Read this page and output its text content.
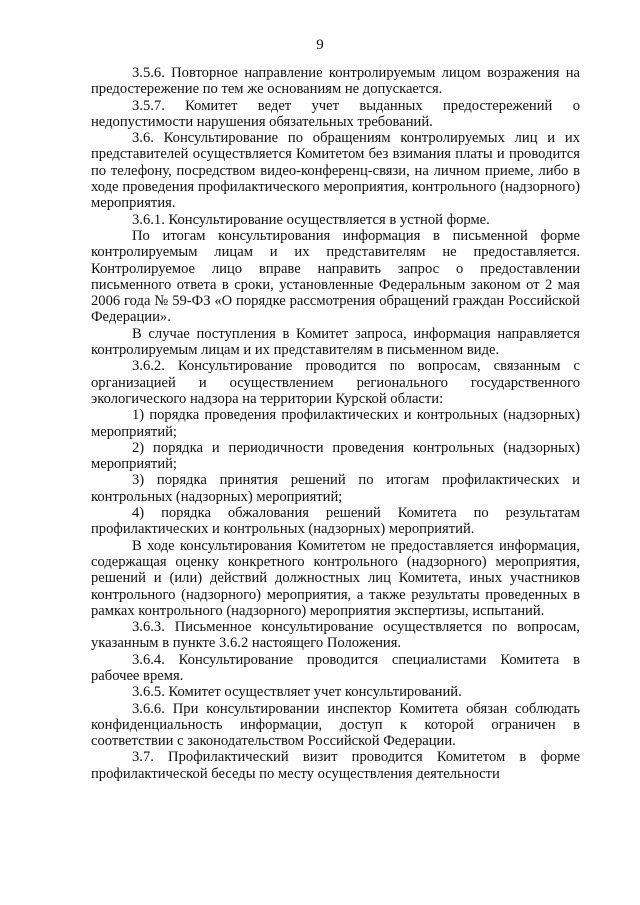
9

3.5.6. Повторное направление контролируемым лицом возражения на предостережение по тем же основаниям не допускается.

3.5.7. Комитет ведет учет выданных предостережений о недопустимости нарушения обязательных требований.

3.6. Консультирование по обращениям контролируемых лиц и их представителей осуществляется Комитетом без взимания платы и проводится по телефону, посредством видео-конференц-связи, на личном приеме, либо в ходе проведения профилактического мероприятия, контрольного (надзорного) мероприятия.

3.6.1. Консультирование осуществляется в устной форме.

По итогам консультирования информация в письменной форме контролируемым лицам и их представителям не предоставляется. Контролируемое лицо вправе направить запрос о предоставлении письменного ответа в сроки, установленные Федеральным законом от 2 мая 2006 года № 59-ФЗ «О порядке рассмотрения обращений граждан Российской Федерации».

В случае поступления в Комитет запроса, информация направляется контролируемым лицам и их представителям в письменном виде.

3.6.2. Консультирование проводится по вопросам, связанным с организацией и осуществлением регионального государственного экологического надзора на территории Курской области:

1) порядка проведения профилактических и контрольных (надзорных) мероприятий;

2) порядка и периодичности проведения контрольных (надзорных) мероприятий;

3) порядка принятия решений по итогам профилактических и контрольных (надзорных) мероприятий;

4) порядка обжалования решений Комитета по результатам профилактических и контрольных (надзорных) мероприятий.

В ходе консультирования Комитетом не предоставляется информация, содержащая оценку конкретного контрольного (надзорного) мероприятия, решений и (или) действий должностных лиц Комитета, иных участников контрольного (надзорного) мероприятия, а также результаты проведенных в рамках контрольного (надзорного) мероприятия экспертизы, испытаний.

3.6.3. Письменное консультирование осуществляется по вопросам, указанным в пункте 3.6.2 настоящего Положения.

3.6.4. Консультирование проводится специалистами Комитета в рабочее время.

3.6.5. Комитет осуществляет учет консультирований.

3.6.6. При консультировании инспектор Комитета обязан соблюдать конфиденциальность информации, доступ к которой ограничен в соответствии с законодательством Российской Федерации.

3.7. Профилактический визит проводится Комитетом в форме профилактической беседы по месту осуществления деятельности
